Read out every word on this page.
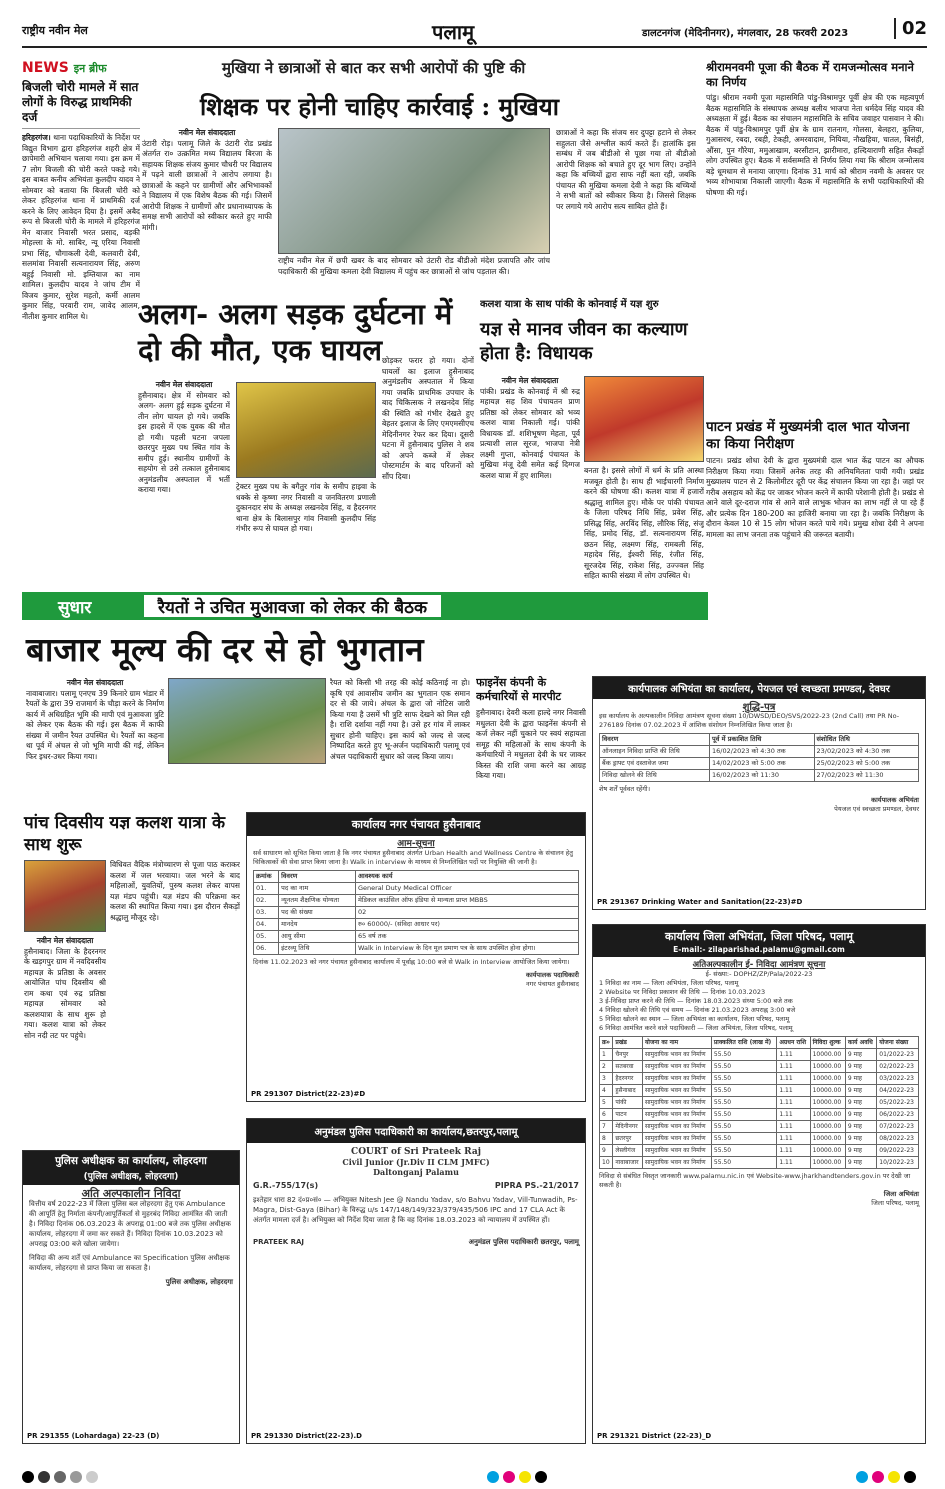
राष्ट्रीय नवीन मेल	पलामू	डालटनगंज (मेदिनीनगर), मंगलवार, 28 फरवरी 2023	02
NEWS इन ब्रीफ
बिजली चोरी मामले में सात लोगों के विरुद्ध प्राथमिकी दर्ज
हरिहरगंज। थाना पदाधिकारियों के निर्देश पर विद्युत विभाग द्वारा हरिहरगंज शहरी क्षेत्र में छापेमारी अभियान चलाया गया। इस क्रम में 7 लोग बिजली की चोरी करते पकड़े गये। इस बाबत कनीय अभियंता कुलदीप यादव ने सोमवार को बताया कि बिजली चोरी को लेकर हरिहरगंज थाना में प्राथमिकी दर्ज करने के लिए आवेदन दिया है। इसमें अबैद रूप से बिजली चोरी के मामले में हरिहरगंज मेन बाजार निवासी भरत प्रसाद, बड़की मोहल्ला के मो. साबिर, न्यू एरिया निवासी प्रभा सिंह, चौगाकली देवी, कलवारी देवी, सलमांवा निवासी सत्यनारायण सिंह, अरुण बहुई निवासी मो. इम्तियाज का नाम शामिल। कुलदीप यादव ने जांच टीम में विजय कुमार, सुरेश महतो, कर्मी आलम कुमार सिंह, परवारी राम, जावेद आलम, नीतीश कुमार शामिल थे।
मुखिया ने छात्राओं से बात कर सभी आरोपों की पुष्टि की
शिक्षक पर होनी चाहिए कार्रवाई : मुखिया
नवीन मेल संवाददाता
उंटारी रोड़। पलामू जिले के उंटारी रोड प्रखंड अंतर्गत रा० उत्क्रमित मध्य विद्यालय बिरजा के सहायक शिक्षक संजय कुमार चौधरी पर विद्यालय में पढ़ने वाली छात्राओं ने आरोप लगाया है। छात्राओं के कहने पर ग्रामीणों और अभिभावकों ने विद्यालय में एक विशेष बैठक की गई। जिसमें आरोपी शिक्षक ने ग्रामीणों और प्रधानाध्यापक के समक्ष सभी आरोपों को स्वीकार करते हुए माफी मांगी।
राष्ट्रीय नवीन मेल में छपी खबर के बाद सोमवार को उंटारी रोड बीडीओ मंदेश प्रजापति और जांच पदाधिकारी की मुखिया कमला देवी विद्यालय में पहुंच कर छात्राओं से जांच पड़ताल की।
छात्राओं ने कहा कि संजय सर दुपट्टा हटाने से लेकर सहुलता जैसे अश्लील कार्य करते हैं। हालांकि इस सम्बंध में जब बीडीओ से पूछा गया तो बीडीओ आरोपी शिक्षक को बचाते हुए दूर भाग लिए। उन्होंने कहा कि बच्चियों द्वारा साफ नहीं बता रही, जबकि पंचायत की मुखिया कमला देवी ने कहा कि बच्चियों ने सभी बातों को स्वीकार किया है। जिससे शिक्षक पर लगाये गये आरोप सत्य साबित होते हैं।
अलग- अलग सड़क दुर्घटना में दो की मौत, एक घायल
नवीन मेल संवाददाता
हुसैनाबाद। क्षेत्र में सोमवार को अलग- अलग हुई सड़क दुर्घटना में तीन लोग घायल हो गये। जबकि इस हादसे में एक युवक की मौत हो गयी। पहली घटना जपला छतरपुर मुख्य पथ स्थित गांव के समीप हुई। स्थानीय ग्रामीणों के सहयोग से उसे तत्काल हुसैनाबाद अनुमंडलीय अस्पताल में भर्ती कराया गया।	ट्रेक्टर मुख्य पथ के बगैतुर गांव के समीप हाइवा के धक्के से कृष्णा नगर निवासी व जनवितरण प्रणाली दुकानदार संघ के अध्यक्ष लखनदेव सिंह, व हैदरनगर थाना क्षेत्र के बिलासपुर गांव निवासी कुलदीप सिंह गंभीर रूप से घायल हो गया।
छोड़कर फरार हो गया। दोनों घायलों का इलाज हुसैनाबाद अनुमंडलीय अस्पताल में किया गया जबकि प्राथमिक उपचार के बाद चिकित्सक ने लखनदेव सिंह की स्थिति को गंभीर देखते हुए बेहतर इलाज के लिए एमएमसीएच मेदिनीनगर रेफर कर दिया। दूसरी घटना में हुसैनाबाद पुलिस ने शव को अपने कब्जे में लेकर पोस्टमार्टम के बाद परिजनों को सौंप दिया।
कलश यात्रा के साथ पांकी के कोनवाई में यज्ञ शुरु
यज्ञ से मानव जीवन का कल्याण होता है: विधायक
नवीन मेल संवाददाता
पांकी। प्रखंड के कोनवाई में श्री रुद्र महायज्ञ सह शिव पंचायतन प्राण प्रतिष्ठा को लेकर सोमवार को भव्य कलश यात्रा निकाली गई। पांकी विधायक डॉ. शशिभूषण मेहता, पूर्व प्रत्याशी लाल सूरज, भाजपा नेत्री लक्ष्मी गुप्ता, कोनवाई पंचायत के मुखिया मंजू देवी समेत कई दिग्गज कलश यात्रा में हुए शामिल।	बनता है। इससे लोगों में धर्म के प्रति आस्था मजबूत होती है। साथ ही भाईचारगी निर्माण करने की घोषणा की। कलश यात्रा में हजारों श्रद्धालु शामिल हुए। मौके पर पांकी पंचायत के जिला परिषद निधि सिंह, प्रवेश सिंह, प्रसिद्ध सिंह, अरविंद सिंह, लौरिक सिंह, संजू सिंह, प्रमोद सिंह, डॉ. सत्यनारायण सिंह, छठन सिंह, लक्ष्मण सिंह, रामबली सिंह, महादेव सिंह, ईश्वरी सिंह, रंजीत सिंह, सूरजदेव सिंह, राकेश सिंह, उज्ज्वल सिंह सहित काफी संख्या में लोग उपस्थित थे।
श्रीरामनवमी पूजा की बैठक में रामजन्मोत्सव मनाने का निर्णय
पांडु। श्रीराम नवमी पूजा महासमिति पांडु-विश्रामपुर पूर्वी क्षेत्र की एक महत्वपूर्ण बैठक महासमिति के संस्थापक अध्यक्ष बलीय भाजपा नेता धर्मदेव सिंह यादव की अध्यक्षता में हुई। बैठक का संचालन महासमिति के सचिव जवाहर पासवान ने की। बैठक में पांडु-विश्रामपुर पूर्वी क्षेत्र के ग्राम रातनाग, गोलसा, बेलहरा, कुलिया, गुआसरथ, रबदा, रबही, टेकही, अमरवादाम, नियिया, नौखहिया, चातल, बिसंही, औंसा, पुन गौरेया, ममुआखाम, बरसीटान, झारीमारा, हल्दियाराणी सहित सैकड़ों लोग उपस्थित हुए। बैठक में सर्वसम्मति से निर्णय लिया गया कि श्रीराम जन्मोत्सव बड़े धूमधाम से मनाया जाएगा। दिनांक 31 मार्च को श्रीराम नवमी के अवसर पर भव्य शोभायात्रा निकाली जाएगी। बैठक में महासमिति के सभी पदाधिकारियों की घोषणा की गई।
पाटन प्रखंड में मुख्यमंत्री दाल भात योजना का किया निरीक्षण
पाटन। प्रखंड शोधा देवी के द्वारा मुख्यमंत्री दाल भात केंद्र पाटन का औचक निरीक्षण किया गया। जिसमें अनेक तरह की अनियमितता पायी गयी। प्रखंड मुख्यालय पाटन से 2 किलोमीटर दूरी पर केंद्र संचालन किया जा रहा है। जहां पर गरीब असहाय को केंद्र पर जाकर भोजन करने में काफी परेशानी होती है। प्रखंड से आने वाले दूर-दराज गांव से आने वाले लाभुक भोजन का लाभ नहीं ले पा रहे हैं और प्रत्येक दिन 180-200 का हाजिरी बनाया जा रहा है। जबकि निरीक्षण के दौरान केवल 10 से 15 लोग भोजन करते पाये गये। प्रमुख शोधा देवी ने अपना मामला का लाभ जनता तक पहुंचाने की जरूरत बतायी।
सुधार	रैयतों ने उचित मुआवजा को लेकर की बैठक
बाजार मूल्य की दर से हो भुगतान
नवीन मेल संवाददाता
नावाबाजार। पलामू एनएच 39 किनारे ग्राम भंडार में रैयतों के द्वारा 39 राजमार्ग के चौड़ा करने के निर्माण कार्य में अधिग्रहित भूमि की मापी एवं मुआवजा त्रुटि को लेकर एक बैठक की गई। इस बैठक में काफी संख्या में जमीन रैयत उपस्थित थे। रैयतों का कहना था पूर्व में अंचल से जो भूमि मापी की गई, लेकिन फिर इधर-उधर किया गया।
रैयत को किसी भी तरह की कोई कठिनाई ना हो। कृषि एवं आवासीय जमीन का भुगतान एक समान दर से की जाये। अंचल के द्वारा जो नोटिस जारी किया गया है उसमें भी त्रुटि साफ देखने को मिल रही है। राशि दर्शाया नहीं गया है। उसे हर गांव में लाकर सुधार होनी चाहिए। इस कार्य को जल्द से जल्द निष्पादित करते हुए भू-अर्जन पदाधिकारी पलामू एवं अंचल पदाधिकारी सुधार को जल्द किया जाय।
फाइनेंस कंपनी के कर्मचारियों से मारपीट
हुसैनाबाद। देवरी कला हाल्दे नगर निवासी मधुलता देवी के द्वारा फाइनेंस कंपनी से कर्ज लेकर नहीं चुकाने पर स्वयं सहायता समूह की महिलाओं के साथ कंपनी के कर्मचारियों ने मधुलता देवी के घर जाकर किस्त की राशि जमा करने का आग्रह किया गया।
पांच दिवसीय यज्ञ कलश यात्रा के साथ शुरू
नवीन मेल संवाददाता
हुसैनाबाद। जिला के हैदरनगर के खड़गपुर ग्राम में नवदिवसीय महायज्ञ के प्रतिष्ठा के अवसर आयोजित पांच दिवसीय श्री राम कथा एवं रुद्र प्रतिष्ठा महायज्ञ सोमवार को कलशयात्रा के साथ शुरू हो गया। कलश यात्रा को लेकर सोन नदी तट पर पहुंचे।
विधिवत वैदिक मंत्रोच्चारण से पूजा पाठ कराकर कलश में जल भरवाया। जल भरने के बाद महिलाओं, युवतियों, पुरुष कलश लेकर वापस यज्ञ मंडप पहुंची। यज्ञ मंडप की परिक्रमा कर कलश की स्थापित किया गया। इस दौरान सैकड़ों श्रद्धालु मौजूद रहे।
कार्यपालक अभियंता का कार्यालय, पेयजल एवं स्वच्छता प्रमण्डल, देवघर
शुद्धि-पत्र
इस कार्यालय के अल्पकालीन निविदा आमंत्रण सूचना संख्या 10/DWSD/DEO/SVS/2022-23 (2nd Call) तथा PR No-276189 दिनांक 07.02.2023 में आंशिक संशोधन निम्नलिखित किया जाता है।
विवरण	पूर्व में प्रकाशित तिथि	संशोधित तिथि
ऑनलाइन निविदा प्राप्ति की तिथि	16/02/2023 को 4:30 तक	23/02/2023 को 4:30 तक
बैंक ड्राफ्ट एवं दस्तावेज जमा	14/02/2023 को 5:00 तक	25/02/2023 को 5:00 तक
निविदा खोलने की तिथि	16/02/2023 को 11:30	27/02/2023 को 11:30
शेष शर्तें पूर्ववत रहेंगी।
कार्यपालक अभियंता
पेयजल एवं स्वच्छता प्रमण्डल, देवघर
PR 291367 Drinking Water and Sanitation(22-23)#D
कार्यालय नगर पंचायत हुसैनाबाद
आम-सूचना
सर्व साधारण को सूचित किया जाता है कि नगर पंचायत हुसैनाबाद अंतर्गत Urban Health and Wellness Centre के संचालन हेतु चिकित्सकों की सेवा प्राप्त किया जाना है। Walk in interview के माध्यम से निम्नलिखित पदों पर नियुक्ति की जानी है।
क्रमांक	विवरण	आवश्यक कार्य
01.	पद का नाम	General Duty Medical Officer
02.	न्यूनतम शैक्षणिक योग्यता	मेडिकल काउंसिल ऑफ इंडिया से मान्यता प्राप्त MBBS
03.	पद की संख्या	02
04.	मानदेय	रु० 60000/- (संविदा आधार पर)
05.	आयु सीमा	65 वर्ष तक
06.	इंटरव्यू तिथि	Walk in Interview के दिन मूल प्रमाण पत्र के साथ उपस्थित होना होगा।
दिनांक 11.02.2023 को नगर पंचायत हुसैनाबाद कार्यालय में पूर्वाह्न 10:00 बजे से Walk in Interview आयोजित किया जायेगा।
कार्यपालक पदाधिकारी
नगर पंचायत हुसैनाबाद
PR 291307 District(22-23)#D
पुलिस अधीक्षक का कार्यालय, लोहरदगा
(पुलिस अधीक्षक, लोहरदगा)
अति अल्पकालीन निविदा
वित्तीय वर्ष 2022-23 में जिला पुलिस बल लोहरदगा हेतु एक Ambulance की आपूर्ति हेतु निर्माता कंपनी/आपूर्तिकर्ता से मुहरबंद निविदा आमंत्रित की जाती है। निविदा दिनांक 06.03.2023 के अपराह्न 01:00 बजे तक पुलिस अधीक्षक कार्यालय, लोहरदगा में जमा कर सकते हैं। निविदा दिनांक 10.03.2023 को अपराह्न 03:00 बजे खोला जायेगा।
निविदा की अन्य शर्तें एवं Ambulance का Specification पुलिस अधीक्षक कार्यालय, लोहरदगा से प्राप्त किया जा सकता है।
पुलिस अधीक्षक, लोहरदगा
PR 291355 (Lohardaga) 22-23 (D)
अनुमंडल पुलिस पदाधिकारी का कार्यालय,छतरपुर,पलामू
COURT of Sri Prateek Raj
Civil Junior (Jr.Div II CLM JMFC)
Daltonganj Palamu
G.R.-755/17(s)	PIPRA PS.-21/2017
इश्तेहार धारा 82 दं०प्र०सं० — अभियुक्त Nitesh Jee @ Nandu Yadav, s/o Bahvu Yadav, Vill-Tunwadih, Ps-Magra, Dist-Gaya (Bihar) के विरुद्ध u/s 147/148/149/323/379/435/506 IPC and 17 CLA Act के अंतर्गत मामला दर्ज है। अभियुक्त को निर्देश दिया जाता है कि वह दिनांक 18.03.2023 को न्यायालय में उपस्थित हों।
PRATEEK RAJ	अनुमंडल पुलिस पदाधिकारी छतरपुर, पलामू
PR 291330 District(22-23).D
कार्यालय जिला अभियंता, जिला परिषद, पलामू
E-mail:- zilaparishad.palamu@gmail.com
अतिअल्पकालीन ई- निविदा आमंत्रण सूचना
ई- संख्या:- DOPHZ/ZP/Pala/2022-23
1 निविदा का नाम — जिला अभियंता, जिला परिषद, पलामू
2 Website पर निविदा प्रकाशन की तिथि — दिनांक 10.03.2023
3 ई-निविदा प्राप्त करने की तिथि — दिनांक 18.03.2023 संध्या 5:00 बजे तक
4 निविदा खोलने की तिथि एवं समय — दिनांक 21.03.2023 अपराह्न 3:00 बजे
5 निविदा खोलने का स्थान — जिला अभियंता का कार्यालय, जिला परिषद, पलामू
6 निविदा आमंत्रित करने वाले पदाधिकारी — जिला अभियंता, जिला परिषद, पलामू
क्र०	प्रखंड	योजना का नाम	प्राक्कलित राशि (लाख में)	अग्रधन राशि	निविदा शुल्क	कार्य अवधि	योजना संख्या
1	चैनपुर	सामुदायिक भवन का निर्माण	55.50	1.11	10000.00	9 माह	01/2022-23
2	सतबरवा	सामुदायिक भवन का निर्माण	55.50	1.11	10000.00	9 माह	02/2022-23
3	हैदरनगर	सामुदायिक भवन का निर्माण	55.50	1.11	10000.00	9 माह	03/2022-23
4	हुसैनाबाद	सामुदायिक भवन का निर्माण	55.50	1.11	10000.00	9 माह	04/2022-23
5	पांकी	सामुदायिक भवन का निर्माण	55.50	1.11	10000.00	9 माह	05/2022-23
6	पाटन	सामुदायिक भवन का निर्माण	55.50	1.11	10000.00	9 माह	06/2022-23
7	मेदिनीनगर	सामुदायिक भवन का निर्माण	55.50	1.11	10000.00	9 माह	07/2022-23
8	छतरपुर	सामुदायिक भवन का निर्माण	55.50	1.11	10000.00	9 माह	08/2022-23
9	लेस्लीगंज	सामुदायिक भवन का निर्माण	55.50	1.11	10000.00	9 माह	09/2022-23
10	नावाबाजार	सामुदायिक भवन का निर्माण	55.50	1.11	10000.00	9 माह	10/2022-23
निविदा से संबंधित विस्तृत जानकारी www.palamu.nic.in एवं Website-www.jharkhandtenders.gov.in पर देखी जा सकती है।
जिला अभियंता
जिला परिषद, पलामू
PR 291321 District (22-23)_D
